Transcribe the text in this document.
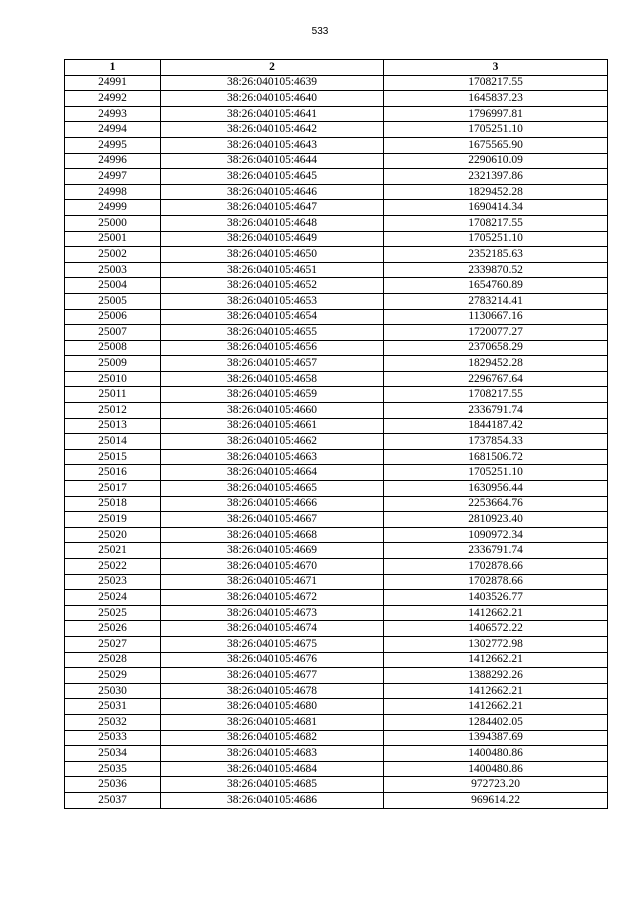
533
1	2	3
24991	38:26:040105:4639	1708217.55
24992	38:26:040105:4640	1645837.23
24993	38:26:040105:4641	1796997.81
24994	38:26:040105:4642	1705251.10
24995	38:26:040105:4643	1675565.90
24996	38:26:040105:4644	2290610.09
24997	38:26:040105:4645	2321397.86
24998	38:26:040105:4646	1829452.28
24999	38:26:040105:4647	1690414.34
25000	38:26:040105:4648	1708217.55
25001	38:26:040105:4649	1705251.10
25002	38:26:040105:4650	2352185.63
25003	38:26:040105:4651	2339870.52
25004	38:26:040105:4652	1654760.89
25005	38:26:040105:4653	2783214.41
25006	38:26:040105:4654	1130667.16
25007	38:26:040105:4655	1720077.27
25008	38:26:040105:4656	2370658.29
25009	38:26:040105:4657	1829452.28
25010	38:26:040105:4658	2296767.64
25011	38:26:040105:4659	1708217.55
25012	38:26:040105:4660	2336791.74
25013	38:26:040105:4661	1844187.42
25014	38:26:040105:4662	1737854.33
25015	38:26:040105:4663	1681506.72
25016	38:26:040105:4664	1705251.10
25017	38:26:040105:4665	1630956.44
25018	38:26:040105:4666	2253664.76
25019	38:26:040105:4667	2810923.40
25020	38:26:040105:4668	1090972.34
25021	38:26:040105:4669	2336791.74
25022	38:26:040105:4670	1702878.66
25023	38:26:040105:4671	1702878.66
25024	38:26:040105:4672	1403526.77
25025	38:26:040105:4673	1412662.21
25026	38:26:040105:4674	1406572.22
25027	38:26:040105:4675	1302772.98
25028	38:26:040105:4676	1412662.21
25029	38:26:040105:4677	1388292.26
25030	38:26:040105:4678	1412662.21
25031	38:26:040105:4680	1412662.21
25032	38:26:040105:4681	1284402.05
25033	38:26:040105:4682	1394387.69
25034	38:26:040105:4683	1400480.86
25035	38:26:040105:4684	1400480.86
25036	38:26:040105:4685	972723.20
25037	38:26:040105:4686	969614.22
